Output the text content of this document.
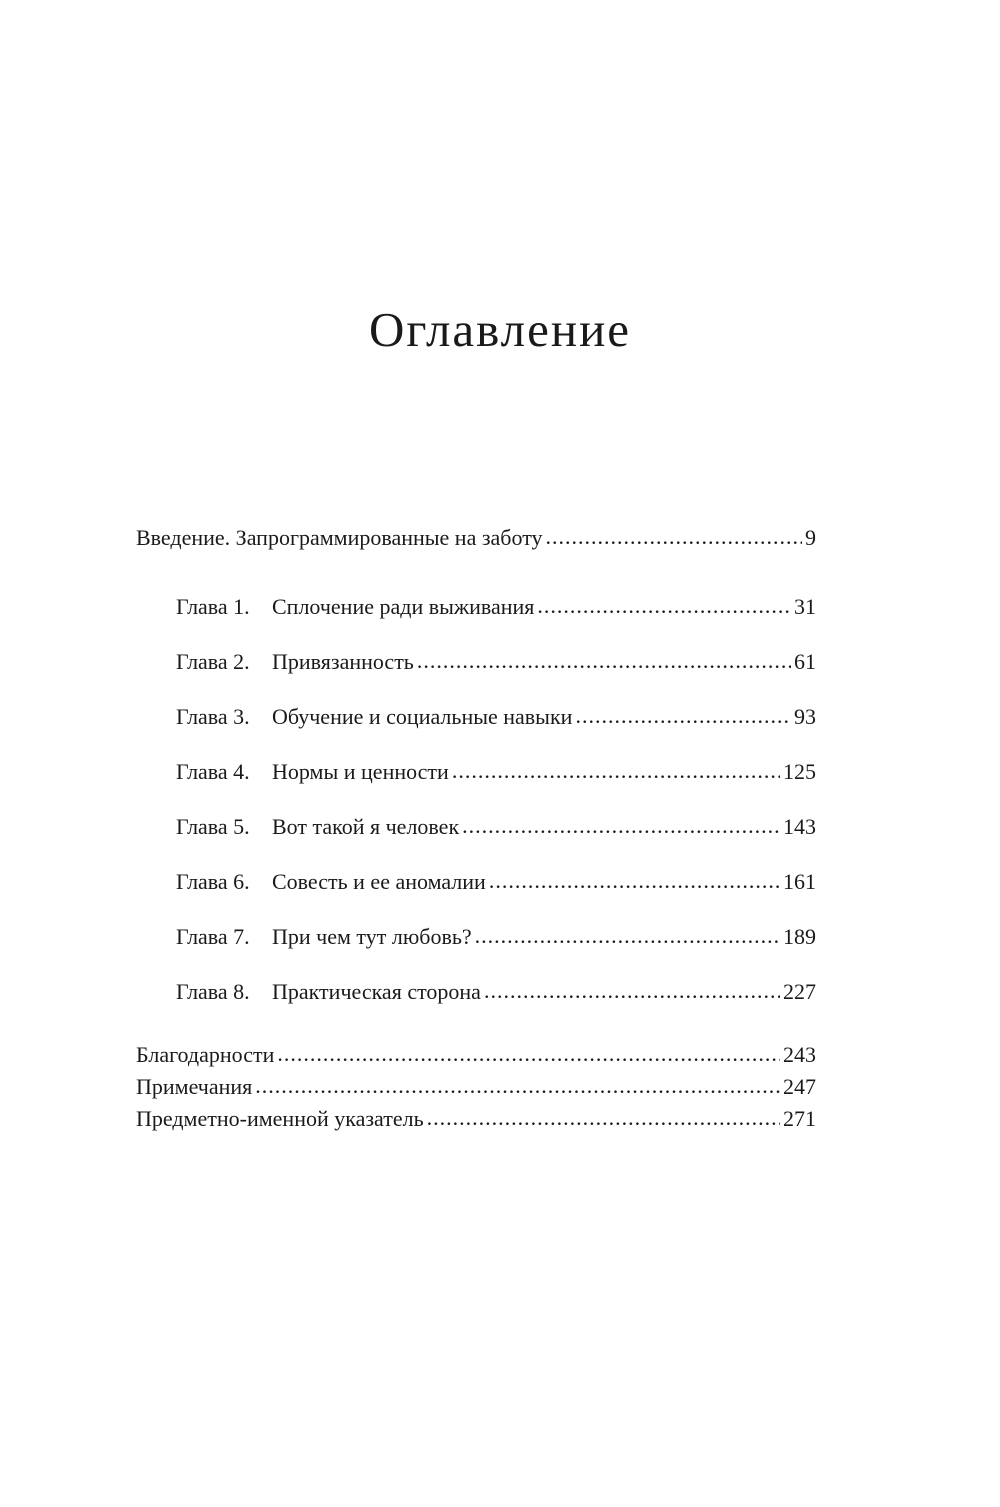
Оглавление
Введение. Запрограммированные на заботу .....	9
Глава 1. Сплочение ради выживания .....	31
Глава 2. Привязанность .....	61
Глава 3. Обучение и социальные навыки .....	93
Глава 4. Нормы и ценности .....	125
Глава 5. Вот такой я человек .....	143
Глава 6. Совесть и ее аномалии .....	161
Глава 7. При чем тут любовь? .....	189
Глава 8. Практическая сторона .....	227
Благодарности .....	243
Примечания .....	247
Предметно-именной указатель .....	271
